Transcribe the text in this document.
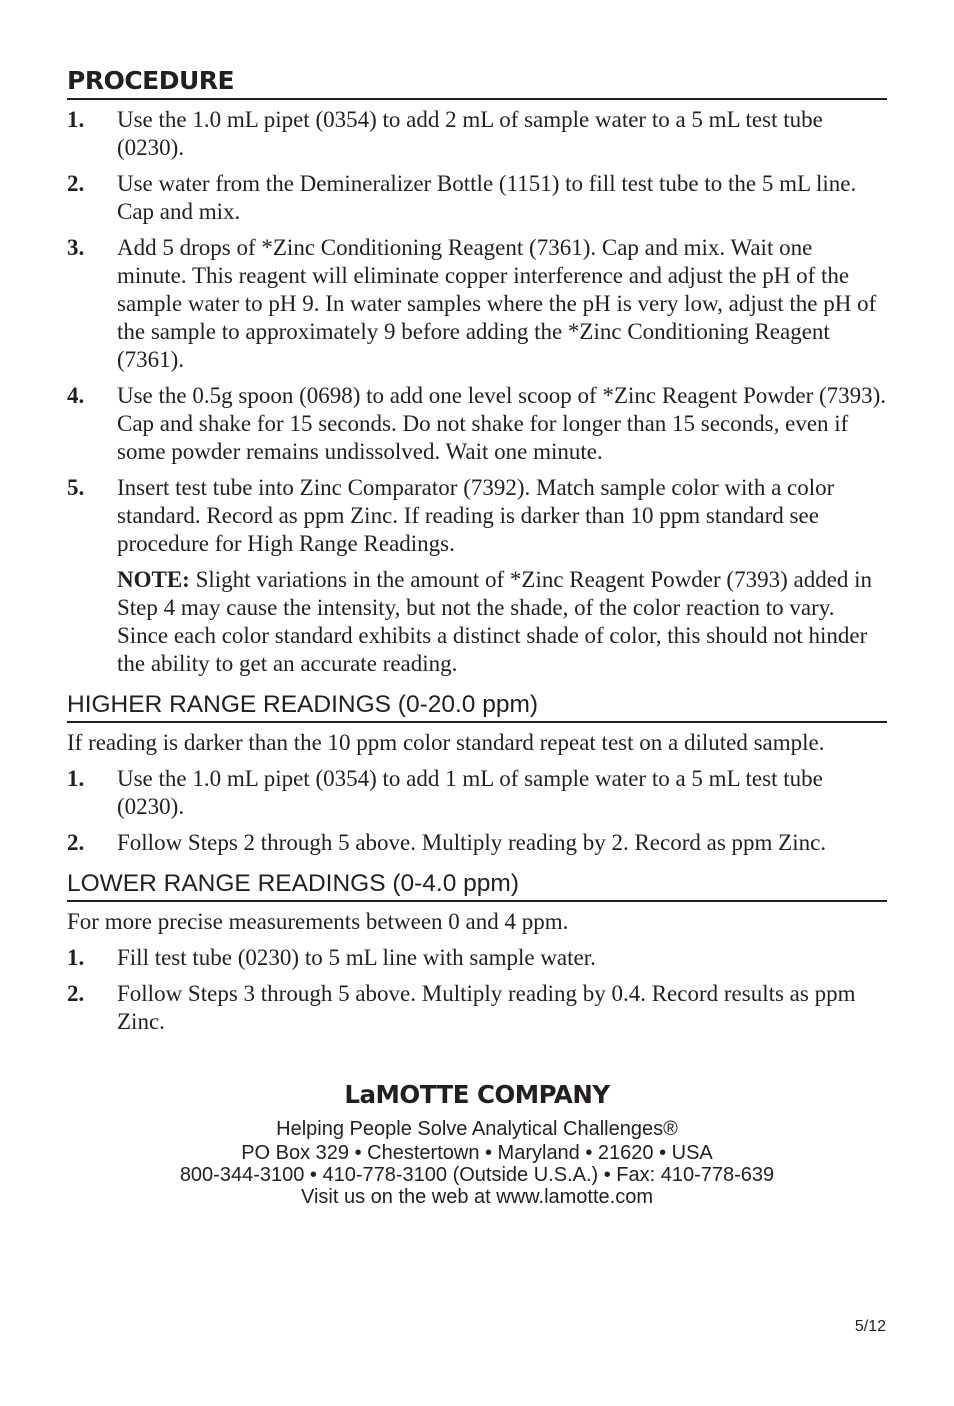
PROCEDURE
1.	Use the 1.0 mL pipet (0354) to add 2 mL of sample water to a 5 mL test tube (0230).
2.	Use water from the Demineralizer Bottle (1151) to fill test tube to the 5 mL line. Cap and mix.
3.	Add 5 drops of *Zinc Conditioning Reagent (7361). Cap and mix. Wait one minute. This reagent will eliminate copper interference and adjust the pH of the sample water to pH 9. In water samples where the pH is very low, adjust the pH of the sample to approximately 9 before adding the *Zinc Conditioning Reagent (7361).
4.	Use the 0.5g spoon (0698) to add one level scoop of *Zinc Reagent Powder (7393). Cap and shake for 15 seconds. Do not shake for longer than 15 seconds, even if some powder remains undissolved. Wait one minute.
5.	Insert test tube into Zinc Comparator (7392). Match sample color with a color standard. Record as ppm Zinc. If reading is darker than 10 ppm standard see procedure for High Range Readings.
NOTE: Slight variations in the amount of *Zinc Reagent Powder (7393) added in Step 4 may cause the intensity, but not the shade, of the color reaction to vary. Since each color standard exhibits a distinct shade of color, this should not hinder the ability to get an accurate reading.
HIGHER RANGE READINGS (0-20.0 ppm)
If reading is darker than the 10 ppm color standard repeat test on a diluted sample.
1.	Use the 1.0 mL pipet (0354) to add 1 mL of sample water to a 5 mL test tube (0230).
2.	Follow Steps 2 through 5 above. Multiply reading by 2. Record as ppm Zinc.
LOWER RANGE READINGS (0-4.0 ppm)
For more precise measurements between 0 and 4 ppm.
1.	Fill test tube (0230) to 5 mL line with sample water.
2.	Follow Steps 3 through 5 above. Multiply reading by 0.4. Record results as ppm Zinc.
LaMOTTE COMPANY
Helping People Solve Analytical Challenges®
PO Box 329 • Chestertown • Maryland • 21620 • USA
800-344-3100 • 410-778-3100 (Outside U.S.A.) • Fax: 410-778-639
Visit us on the web at www.lamotte.com
5/12
